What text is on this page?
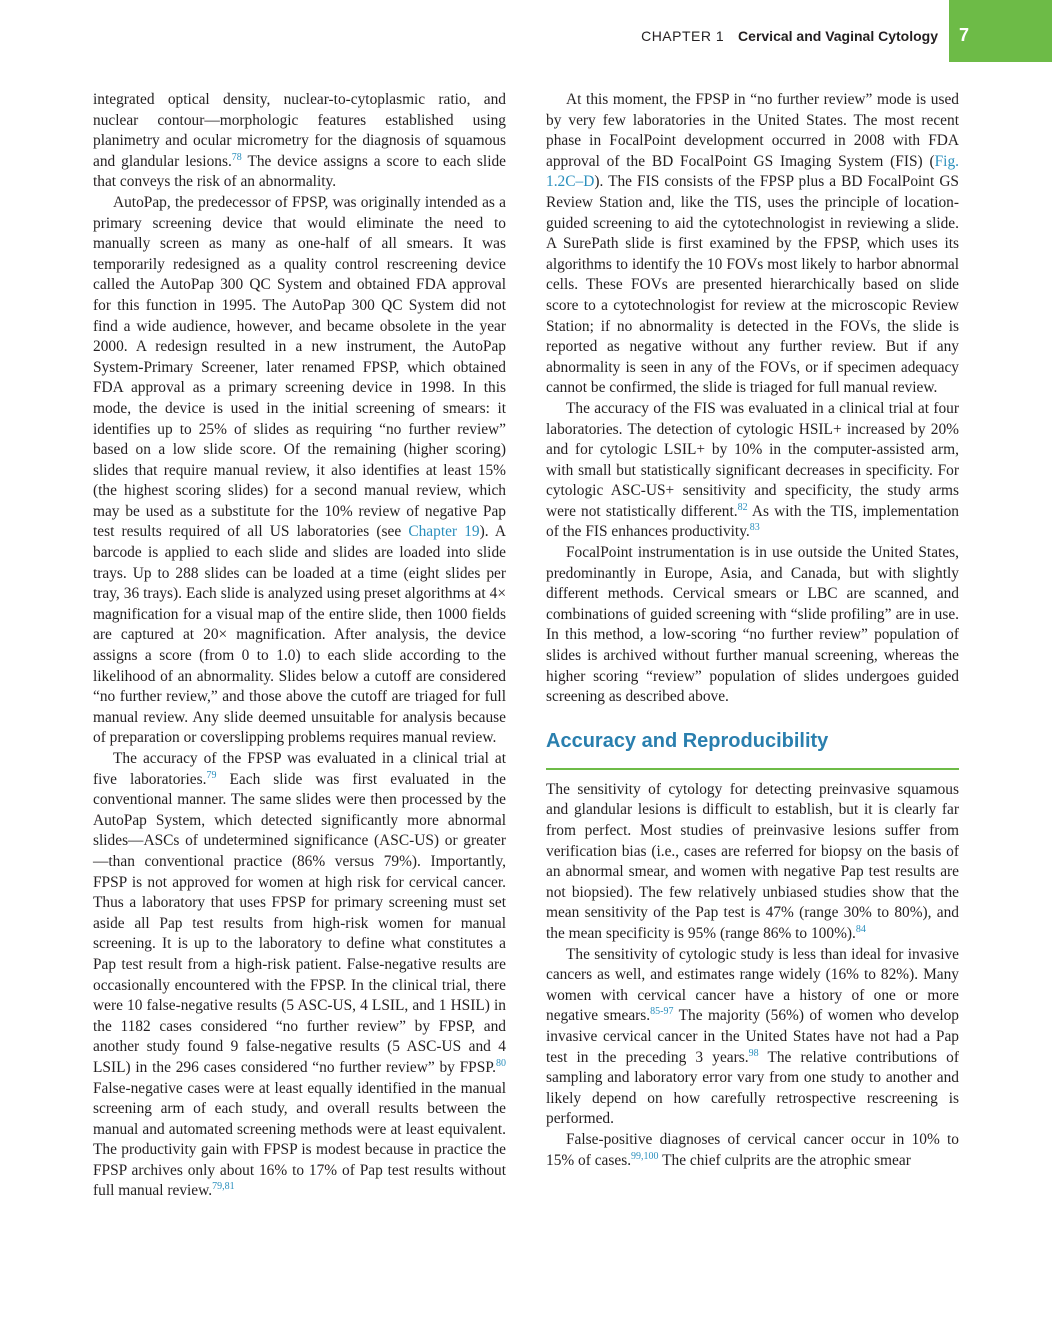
CHAPTER 1 Cervical and Vaginal Cytology 7

integrated optical density, nuclear-to-cytoplasmic ratio, and nuclear contour—morphologic features established using planimetry and ocular micrometry for the diagnosis of squamous and glandular lesions.$^{78}$ The device assigns a score to each slide that conveys the risk of an abnormality.

AutoPap, the predecessor of FPSP, was originally intended as a primary screening device that would eliminate the need to manually screen as many as one-half of all smears. It was temporarily redesigned as a quality control rescreening device called the AutoPap 300 QC System and obtained FDA approval for this function in 1995. The AutoPap 300 QC System did not find a wide audience, however, and became obsolete in the year 2000. A redesign resulted in a new instrument, the AutoPap System-Primary Screener, later renamed FPSP, which obtained FDA approval as a primary screening device in 1998. In this mode, the device is used in the initial screening of smears: it identifies up to 25% of slides as requiring “no further review” based on a low slide score. Of the remaining (higher scoring) slides that require manual review, it also identifies at least 15% (the highest scoring slides) for a second manual review, which may be used as a substitute for the 10% review of negative Pap test results required of all US laboratories (see Chapter 19). A barcode is applied to each slide and slides are loaded into slide trays. Up to 288 slides can be loaded at a time (eight slides per tray, 36 trays). Each slide is analyzed using preset algorithms at 4× magnification for a visual map of the entire slide, then 1000 fields are captured at 20× magnification. After analysis, the device assigns a score (from 0 to 1.0) to each slide according to the likelihood of an abnormality. Slides below a cutoff are considered “no further review,” and those above the cutoff are triaged for full manual review. Any slide deemed unsuitable for analysis because of preparation or coverslipping problems requires manual review.

The accuracy of the FPSP was evaluated in a clinical trial at five laboratories.$^{79}$ Each slide was first evaluated in the conventional manner. The same slides were then processed by the AutoPap System, which detected significantly more abnormal slides—ASCs of undetermined significance (ASC-US) or greater—than conventional practice (86% versus 79%). Importantly, FPSP is not approved for women at high risk for cervical cancer. Thus a laboratory that uses FPSP for primary screening must set aside all Pap test results from high-risk women for manual screening. It is up to the laboratory to define what constitutes a Pap test result from a high-risk patient. False-negative results are occasionally encountered with the FPSP. In the clinical trial, there were 10 false-negative results (5 ASC-US, 4 LSIL, and 1 HSIL) in the 1182 cases considered “no further review” by FPSP, and another study found 9 false-negative results (5 ASC-US and 4 LSIL) in the 296 cases considered “no further review” by FPSP.$^{80}$ False-negative cases were at least equally identified in the manual screening arm of each study, and overall results between the manual and automated screening methods were at least equivalent. The productivity gain with FPSP is modest because in practice the FPSP archives only about 16% to 17% of Pap test results without full manual review.$^{79,81}$

At this moment, the FPSP in “no further review” mode is used by very few laboratories in the United States. The most recent phase in FocalPoint development occurred in 2008 with FDA approval of the BD FocalPoint GS Imaging System (FIS) (Fig. 1.2C–D). The FIS consists of the FPSP plus a BD FocalPoint GS Review Station and, like the TIS, uses the principle of location-guided screening to aid the cytotechnologist in reviewing a slide. A SurePath slide is first examined by the FPSP, which uses its algorithms to identify the 10 FOVs most likely to harbor abnormal cells. These FOVs are presented hierarchically based on slide score to a cytotechnologist for review at the microscopic Review Station; if no abnormality is detected in the FOVs, the slide is reported as negative without any further review. But if any abnormality is seen in any of the FOVs, or if specimen adequacy cannot be confirmed, the slide is triaged for full manual review.

The accuracy of the FIS was evaluated in a clinical trial at four laboratories. The detection of cytologic HSIL+ increased by 20% and for cytologic LSIL+ by 10% in the computer-assisted arm, with small but statistically significant decreases in specificity. For cytologic ASC-US+ sensitivity and specificity, the study arms were not statistically different.$^{82}$ As with the TIS, implementation of the FIS enhances productivity.$^{83}$

FocalPoint instrumentation is in use outside the United States, predominantly in Europe, Asia, and Canada, but with slightly different methods. Cervical smears or LBC are scanned, and combinations of guided screening with “slide profiling” are in use. In this method, a low-scoring “no further review” population of slides is archived without further manual screening, whereas the higher scoring “review” population of slides undergoes guided screening as described above.

Accuracy and Reproducibility

The sensitivity of cytology for detecting preinvasive squamous and glandular lesions is difficult to establish, but it is clearly far from perfect. Most studies of preinvasive lesions suffer from verification bias (i.e., cases are referred for biopsy on the basis of an abnormal smear, and women with negative Pap test results are not biopsied). The few relatively unbiased studies show that the mean sensitivity of the Pap test is 47% (range 30% to 80%), and the mean specificity is 95% (range 86% to 100%).$^{84}$

The sensitivity of cytologic study is less than ideal for invasive cancers as well, and estimates range widely (16% to 82%). Many women with cervical cancer have a history of one or more negative smears.$^{85-97}$ The majority (56%) of women who develop invasive cervical cancer in the United States have not had a Pap test in the preceding 3 years.$^{98}$ The relative contributions of sampling and laboratory error vary from one study to another and likely depend on how carefully retrospective rescreening is performed.

False-positive diagnoses of cervical cancer occur in 10% to 15% of cases.$^{99,100}$ The chief culprits are the atrophic smear
